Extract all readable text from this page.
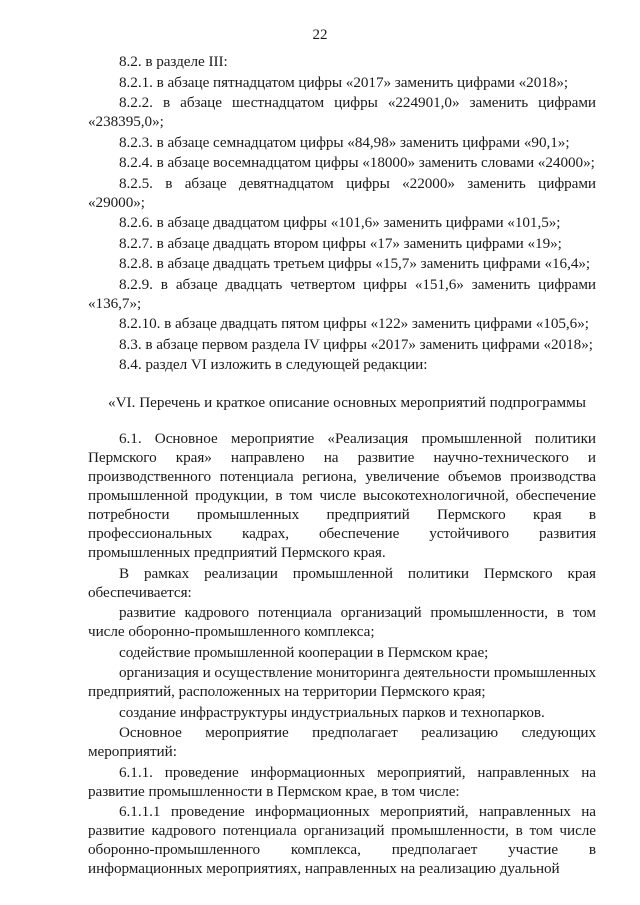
22

8.2. в разделе III:

8.2.1. в абзаце пятнадцатом цифры «2017» заменить цифрами «2018»;

8.2.2. в абзаце шестнадцатом цифры «224901,0» заменить цифрами «238395,0»;

8.2.3. в абзаце семнадцатом цифры «84,98» заменить цифрами «90,1»;

8.2.4. в абзаце восемнадцатом цифры «18000» заменить словами «24000»;

8.2.5. в абзаце девятнадцатом цифры «22000» заменить цифрами «29000»;

8.2.6. в абзаце двадцатом цифры «101,6» заменить цифрами «101,5»;

8.2.7. в абзаце двадцать втором цифры «17» заменить цифрами «19»;

8.2.8. в абзаце двадцать третьем цифры «15,7» заменить цифрами «16,4»;

8.2.9. в абзаце двадцать четвертом цифры «151,6» заменить цифрами «136,7»;

8.2.10. в абзаце двадцать пятом цифры «122» заменить цифрами «105,6»;

8.3. в абзаце первом раздела IV цифры «2017» заменить цифрами «2018»;

8.4. раздел VI изложить в следующей редакции:

«VI. Перечень и краткое описание основных мероприятий подпрограммы

6.1. Основное мероприятие «Реализация промышленной политики Пермского края» направлено на развитие научно-технического и производственного потенциала региона, увеличение объемов производства промышленной продукции, в том числе высокотехнологичной, обеспечение потребности промышленных предприятий Пермского края в профессиональных кадрах, обеспечение устойчивого развития промышленных предприятий Пермского края.

В рамках реализации промышленной политики Пермского края обеспечивается:

развитие кадрового потенциала организаций промышленности, в том числе оборонно-промышленного комплекса;

содействие промышленной кооперации в Пермском крае;

организация и осуществление мониторинга деятельности промышленных предприятий, расположенных на территории Пермского края;

создание инфраструктуры индустриальных парков и технопарков.

Основное мероприятие предполагает реализацию следующих мероприятий:

6.1.1. проведение информационных мероприятий, направленных на развитие промышленности в Пермском крае, в том числе:

6.1.1.1 проведение информационных мероприятий, направленных на развитие кадрового потенциала организаций промышленности, в том числе оборонно-промышленного комплекса, предполагает участие в информационных мероприятиях, направленных на реализацию дуальной
